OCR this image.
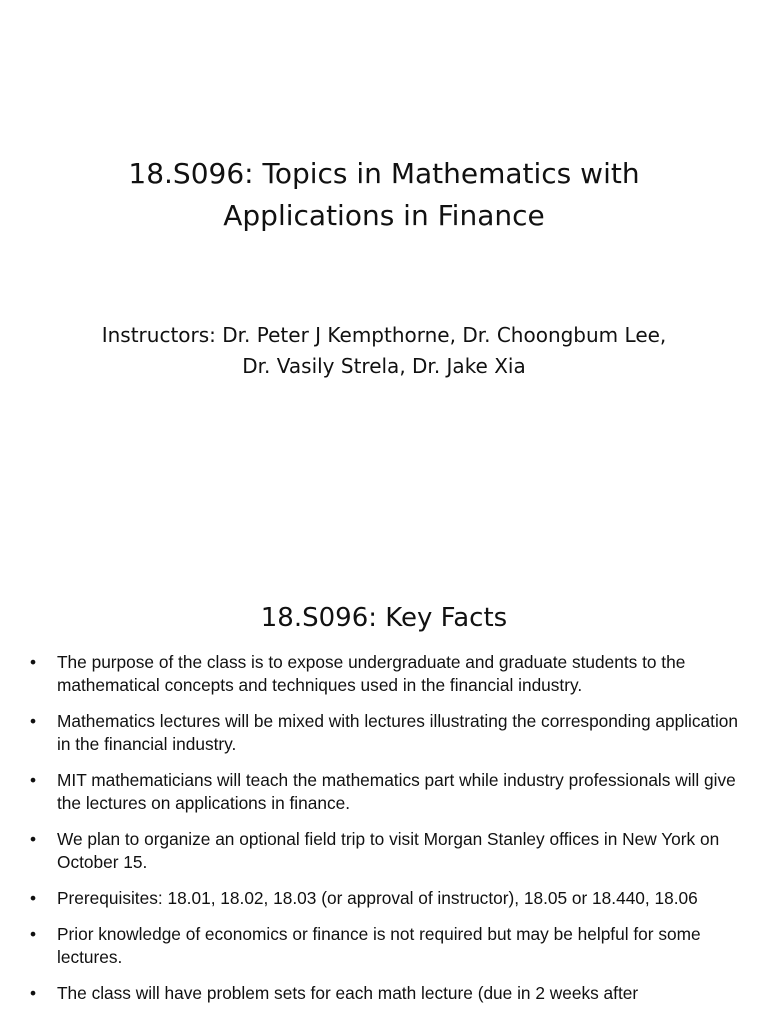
18.S096: Topics in Mathematics with
Applications in Finance
Instructors: Dr. Peter J Kempthorne, Dr. Choongbum Lee,
Dr. Vasily Strela, Dr. Jake Xia
18.S096: Key Facts
•	The purpose of the class is to expose undergraduate and graduate students to the mathematical concepts and techniques used in the financial industry.
•	Mathematics lectures will be mixed with lectures illustrating the corresponding application in the financial industry.
•	MIT mathematicians will teach the mathematics part while industry professionals will give the lectures on applications in finance.
•	We plan to organize an optional field trip to visit Morgan Stanley offices in New York on October 15.
•	Prerequisites: 18.01, 18.02, 18.03 (or approval of instructor), 18.05 or 18.440, 18.06
•	Prior knowledge of economics or finance is not required but may be helpful for some lectures.
•	The class will have problem sets for each math lecture (due in 2 weeks after
